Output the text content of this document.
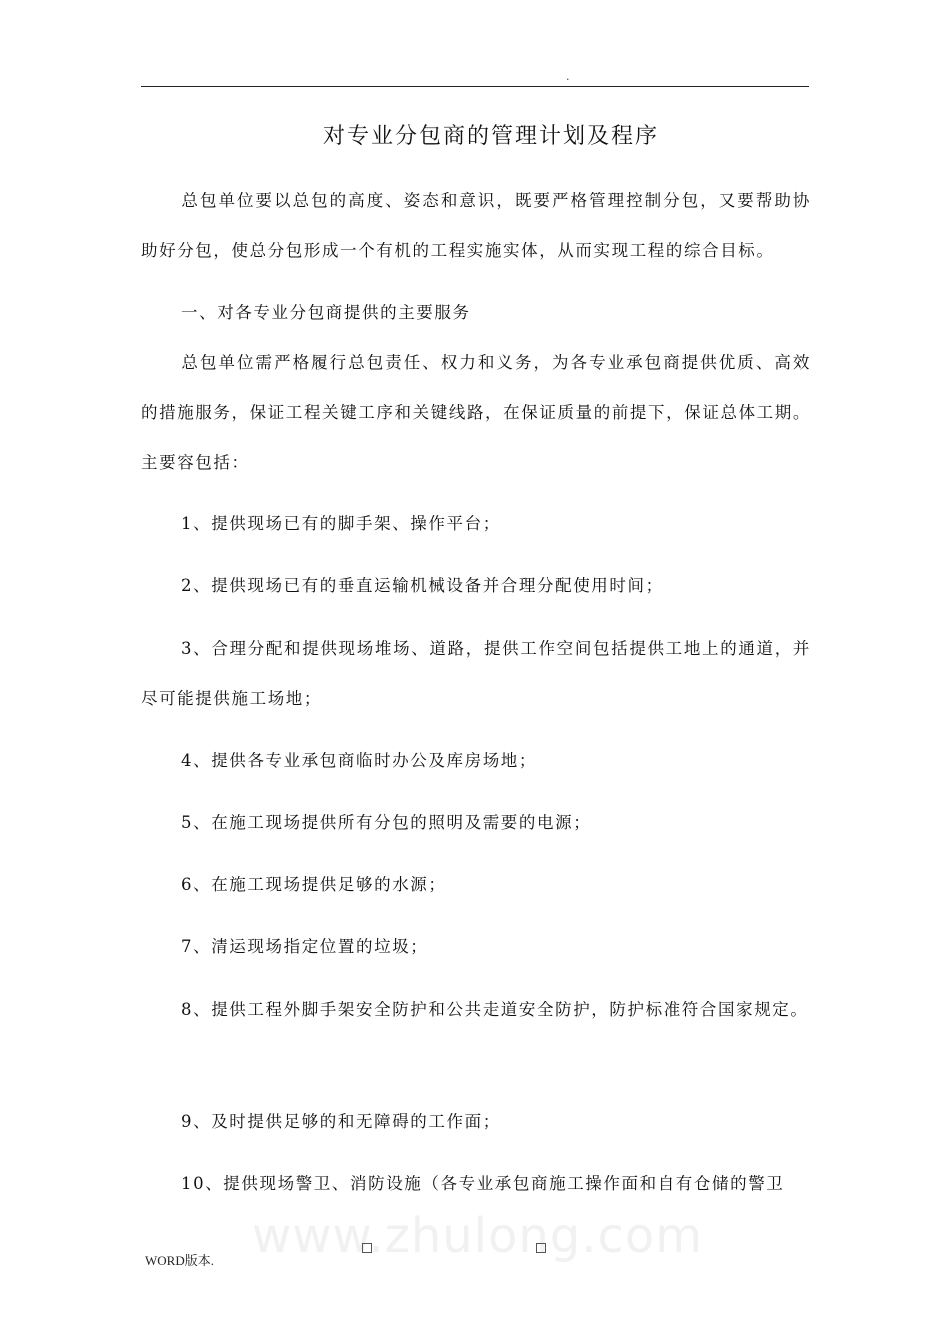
.
对专业分包商的管理计划及程序

总包单位要以总包的高度、姿态和意识，既要严格管理控制分包，又要帮助协助好分包，使总分包形成一个有机的工程实施实体，从而实现工程的综合目标。

一、对各专业分包商提供的主要服务

总包单位需严格履行总包责任、权力和义务，为各专业承包商提供优质、高效的措施服务，保证工程关键工序和关键线路，在保证质量的前提下，保证总体工期。主要容包括：

1、提供现场已有的脚手架、操作平台；

2、提供现场已有的垂直运输机械设备并合理分配使用时间；

3、合理分配和提供现场堆场、道路，提供工作空间包括提供工地上的通道，并尽可能提供施工场地；

4、提供各专业承包商临时办公及库房场地；

5、在施工现场提供所有分包的照明及需要的电源；

6、在施工现场提供足够的水源；

7、清运现场指定位置的垃圾；

8、提供工程外脚手架安全防护和公共走道安全防护，防护标准符合国家规定。

9、及时提供足够的和无障碍的工作面；

10、提供现场警卫、消防设施（各专业承包商施工操作面和自有仓储的警卫

www.zhulong.com
WORD版本.
